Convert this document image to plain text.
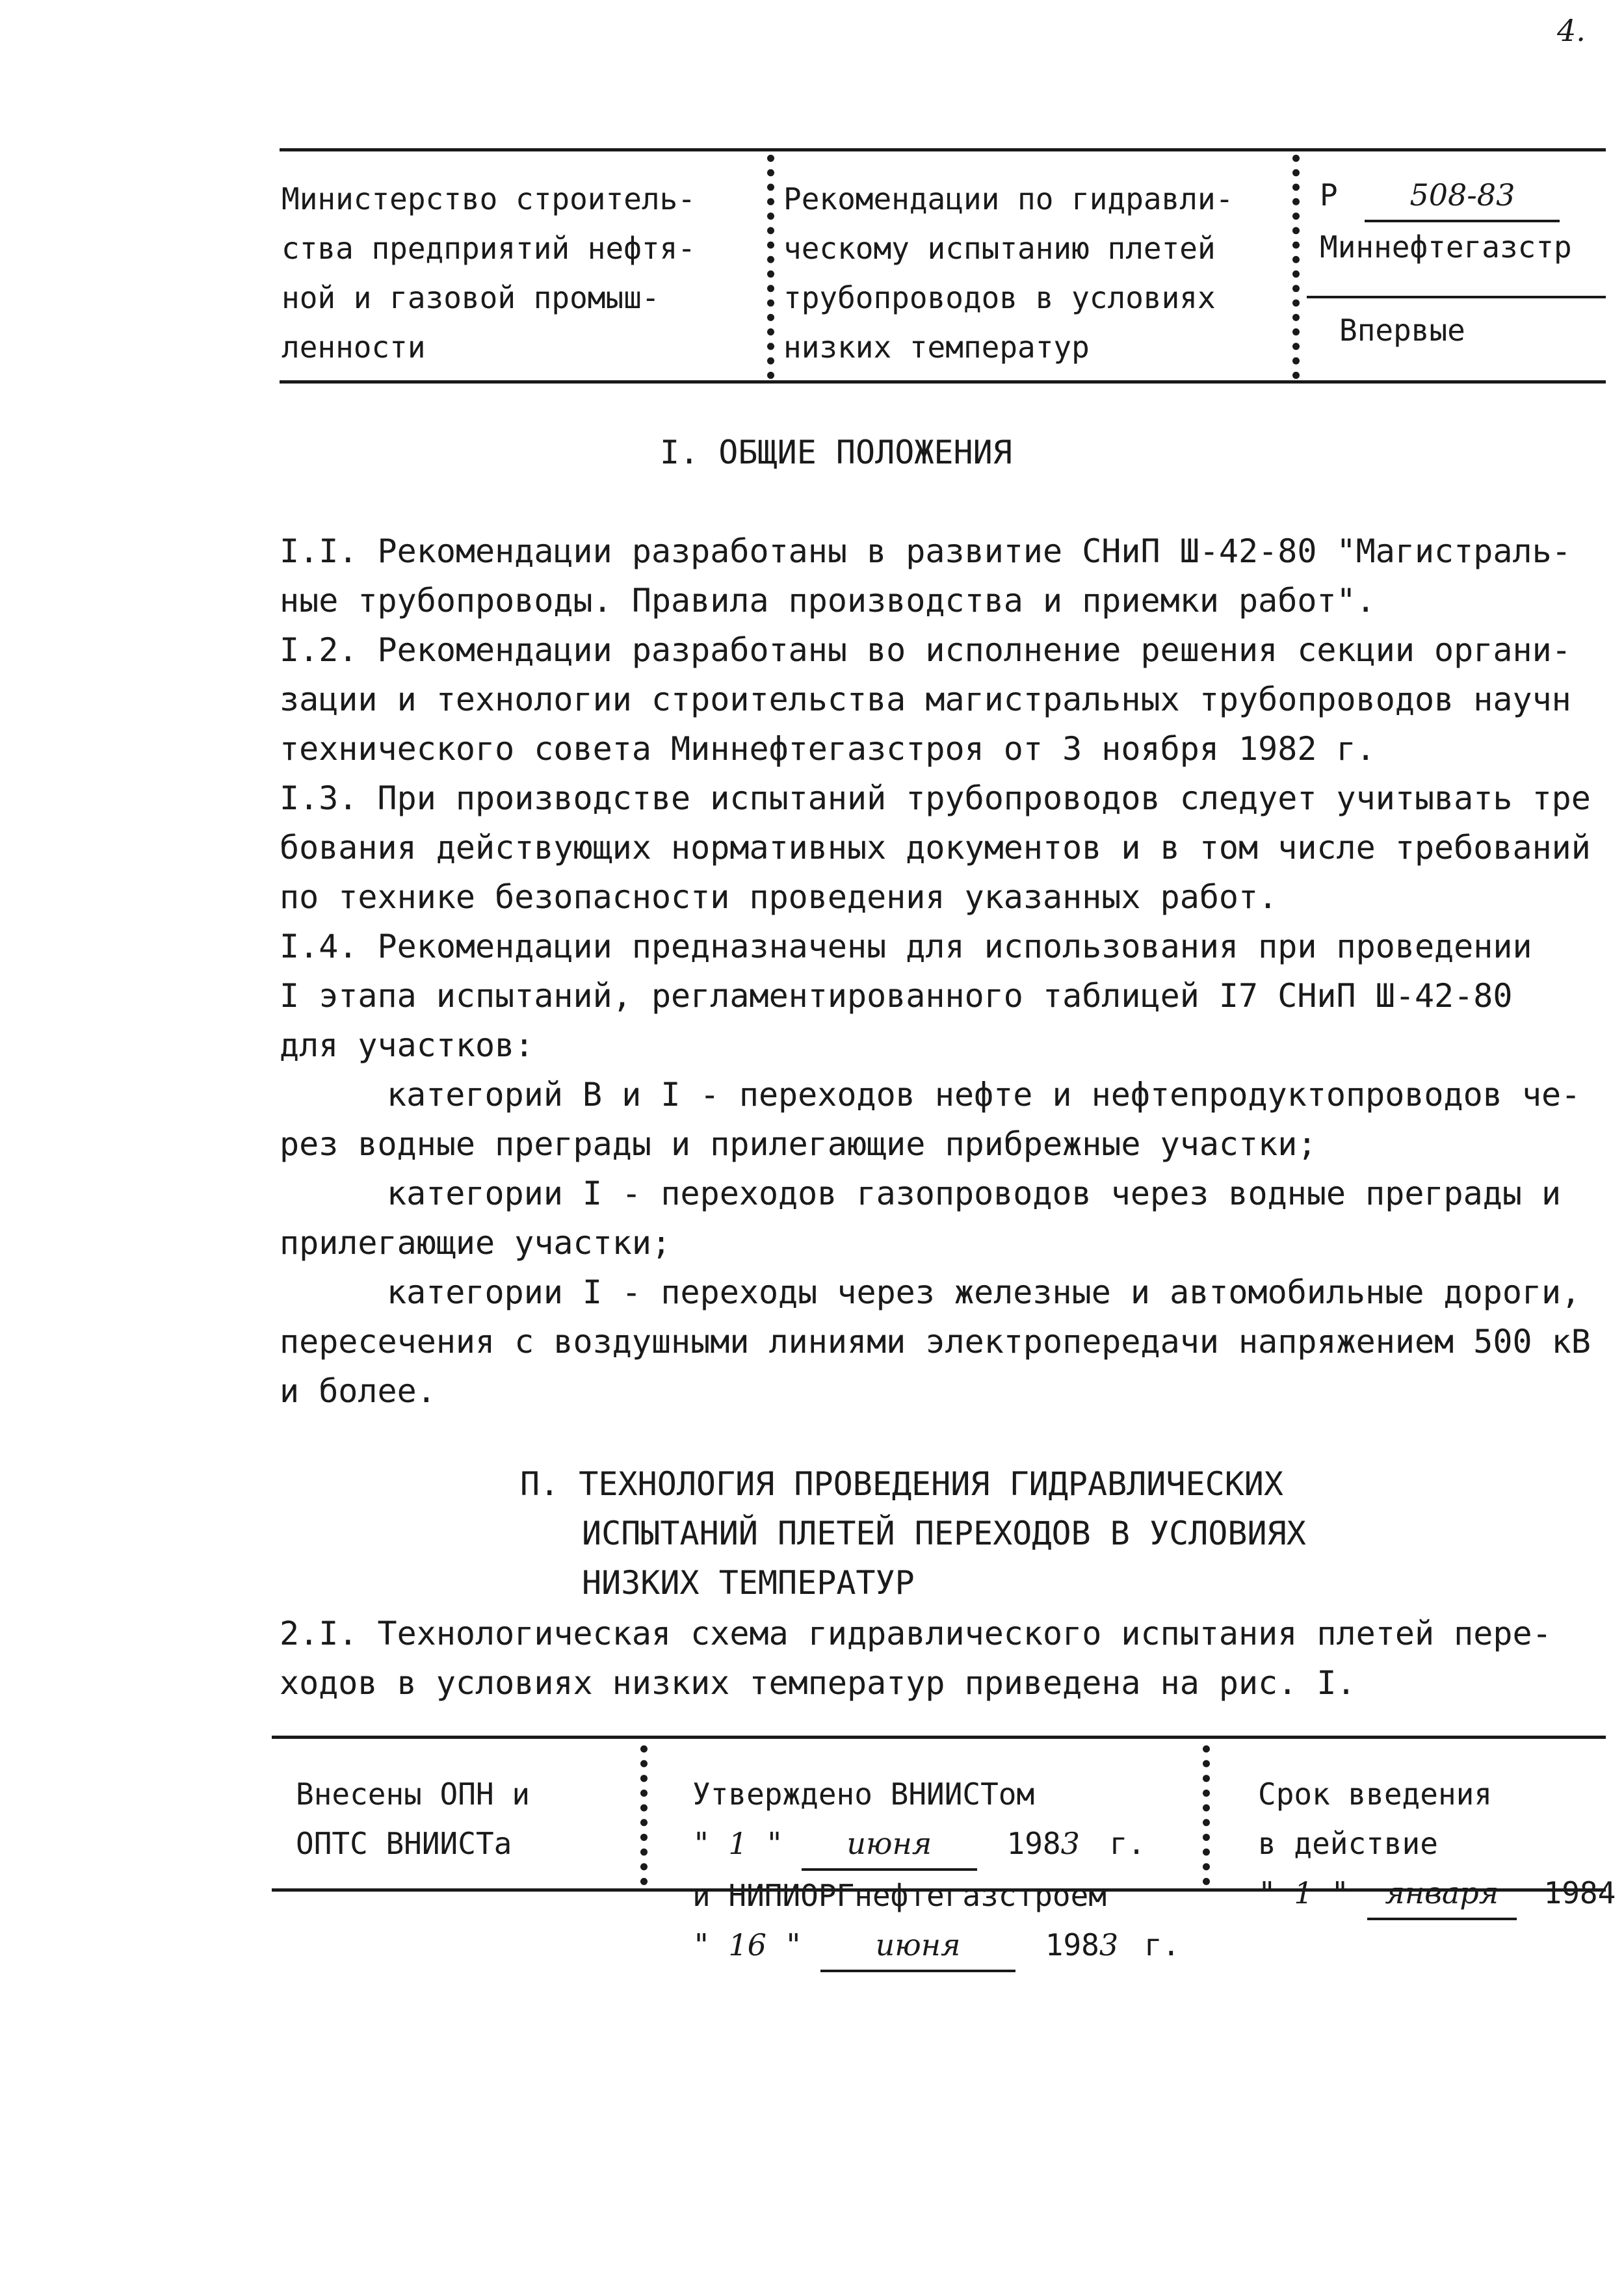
4.
Министерство строитель-
ства предприятий нефтя-
ной и газовой промыш-
ленности
Рекомендации по гидравли-
ческому испытанию плетей
трубопроводов в условиях
низких температур
Р 508-83
Миннефтегазстр
Впервые
I. ОБЩИЕ ПОЛОЖЕНИЯ

I.I. Рекомендации разработаны в развитие СНиП Ш-42-80 "Магистраль-

ные трубопроводы. Правила производства и приемки работ".

I.2. Рекомендации разработаны во исполнение решения секции органи-

зации и технологии строительства магистральных трубопроводов научн

технического совета Миннефтегазстроя от 3 ноября 1982 г.

I.3. При производстве испытаний трубопроводов следует учитывать тре

бования действующих нормативных документов и в том числе требований

по технике безопасности проведения указанных работ.

I.4. Рекомендации предназначены для использования при проведении

I этапа испытаний, регламентированного таблицей I7 СНиП Ш-42-80

для участков:

категорий В и I - переходов нефте и нефтепродуктопроводов че-

рез водные преграды и прилегающие прибрежные участки;

категории I - переходов газопроводов через водные преграды и

прилегающие участки;

категории I - переходы через железные и автомобильные дороги,

пересечения с воздушными линиями электропередачи напряжением 500 кВ

и более.

П. ТЕХНОЛОГИЯ ПРОВЕДЕНИЯ ГИДРАВЛИЧЕСКИХ
ИСПЫТАНИЙ ПЛЕТЕЙ ПЕРЕХОДОВ В УСЛОВИЯХ
НИЗКИХ ТЕМПЕРАТУР

2.I. Технологическая схема гидравлического испытания плетей пере-

ходов в условиях низких температур приведена на рис. I.

Внесены ОПН и
ОПТС ВНИИСТа
Утверждено ВНИИСТом
" 1 " июня	1983 г.
и НИПИОРГнефтегазстроем
" 16 " июня	1983 г.
Срок введения
в действие
" 1 " января 1984
